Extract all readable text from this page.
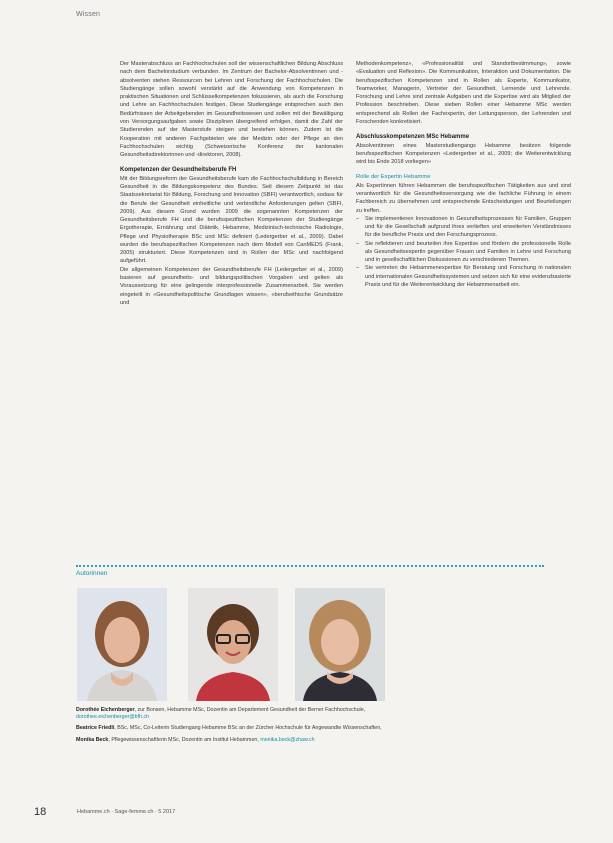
Wissen

Der Masterabschluss an Fachhochschulen soll der wissenschaftlichen Bildung Abschluss nach dem Bachelorstudium verbunden. Im Zentrum der Bachelor-Absolventinnen und -absolventen stehen Ressourcen bei Lehren und Forschung der Fachhochschulen. Die Studiengänge sollen sowohl verstärkt auf die Anwendung von Kompetenzen in praktischen Situationen und Schlüsselkompetenzen fokussieren, als auch die Forschung und Lehre an Fachhochschulen festigen. Diese Studiengänge entsprechen auch den Bedürfnissen der Arbeitgebenden im Gesundheitswesen und sollen mit der Bewältigung von Versorgungsaufgaben sowie Disziplinen übergreifend erfolgen, damit die Zahl der Studierenden auf der Masterstufe steigen und bestehen können. Zudem ist die Kooperation mit anderen Fachgebieten wie der Medizin oder der Pflege an den Fachhochschulen wichtig (Schweizerische Konferenz der kantonalen Gesundheitsdirektorinnen und -direktoren, 2008).

Kompetenzen der Gesundheitsberufe FH

Mit der Bildungsreform der Gesundheitsberufe kam die Fachhochschulbildung in Bereich Gesundheit in die Bildungskompetenz des Bundes. Seit diesem Zeitpunkt ist das Staatssekretariat für Bildung, Forschung und Innovation (SBFI) verantwortlich, sodass für die Berufe der Gesundheit einheitliche und verbindliche Anforderungen gelten (SBFI, 2009). Aus diesem Grund wurden 2009 die sogenannten Kompetenzen der Gesundheitsberufe FH und die berufsspezifischen Kompetenzen der Studiengänge Ergotherapie, Ernährung und Diätetik, Hebamme, Medizinisch-technische Radiologie, Pflege und Physiotherapie BSc und MSc definiert (Ledergerber et al., 2009). Dabei wurden die berufsspezifischen Kompetenzen nach dem Modell von CanMEDS (Frank, 2005) strukturiert. Diese Kompetenzen sind in Rollen der MSc und nachfolgend aufgeführt.

Die allgemeinen Kompetenzen der Gesundheitsberufe FH (Ledergerber et al., 2009) basieren auf gesundheits- und bildungspolitischen Vorgaben und gelten als Voraussetzung für eine gelingende interprofessionelle Zusammenarbeit. Sie werden eingeteilt in «Gesundheitspolitische Grundlagen wissen», «berufsethische Grundsätze und

Methodenkompetenz», «Professionalität und Standortbestimmung», sowie «Evaluation und Reflexion». Die Kommunikation, Interaktion und Dokumentation. Die berufsspezifischen Kompetenzen sind in Rollen als Experte, Kommunikator, Teamworker, Managerin, Vertreter der Gesundheit, Lernende und Lehrende. Forschung und Lehre sind zentrale Aufgaben und die Expertise wird als Mitglied der Profession beschrieben. Diese sieben Rollen einer Hebamme MSc werden entsprechend als Rollen der Fachexpertin, der Leitungsperson, der Lehrenden und Forschenden konkretisiert.

Abschlusskompetenzen MSc Hebamme

Absolventinnen eines Masterstudiengangs Hebamme besitzen folgende berufsspezifischen Kompetenzen «Ledergerber et al., 2009; die Weiterentwicklung wird bis Ende 2018 vorliegen»

Rolle der Expertin Hebamme

Als Expertinnen führen Hebammen die berufsspezifischen Tätigkeiten aus und sind verantwortlich für die Gesundheitsversorgung wie die fachliche Führung in einem Fachbereich zu übernehmen und entsprechende Entscheidungen und Beurteilungen zu treffen.

– Sie implementieren Innovationen in Gesundheitsprozessen für Familien, Gruppen und für die Gesellschaft aufgrund ihres vertieften und erweiterten Verständnisses für die berufliche Praxis und den Forschungsprozess.
– Sie reflektieren und beurteilen ihre Expertise und fördern die professionelle Rolle als Gesundheitsexpertin gegenüber Frauen und Familien in Lehre und Forschung und in gesellschaftlichen Diskussionen zu verschiedenen Themen.
– Sie vertreten die Hebammenexpertise für Beratung und Forschung in nationalen und internationalen Gesundheitssystemen und setzen sich für eine evidenzbasierte Praxis und für die Weiterentwicklung der Hebammenarbeit ein.
Autorinnen
Dorothée Eichenberger, zur Bonsen, Hebamme MSc, Dozentin am Departement Gesundheit der Berner Fachhochschule, dorothee.eichenberger@bfh.ch
Beatrice Friedli, BSc, MSc, Co-Leiterin Studiengang Hebamme BSc an der Zürcher Hochschule für Angewandte Wissenschaften,
Monika Beck, Pflegewissenschaftlerin MSc, Dozentin am Institut Hebammen, monika.beck@zhaw.ch
18	Hebamme.ch · Sage-femme.ch · 5 2017
